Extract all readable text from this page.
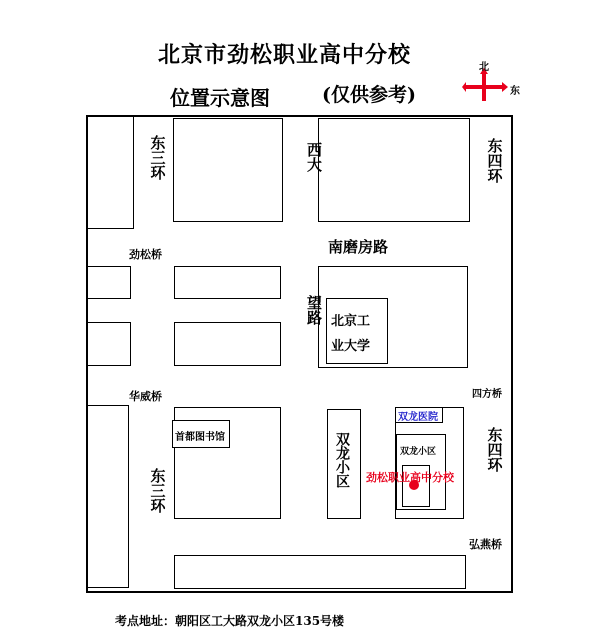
北京市劲松职业高中分校
位置示意图	(仅供参考)
北
东
北京工
业大学
首都图书馆	双龙小区
双龙医院
双龙小区
劲松职业高中分校
东三环
东三环
东四环
东四环
西大
望路
南磨房路
劲松桥
华威桥	四方桥
弘燕桥
考点地址：朝阳区工大路双龙小区135号楼
